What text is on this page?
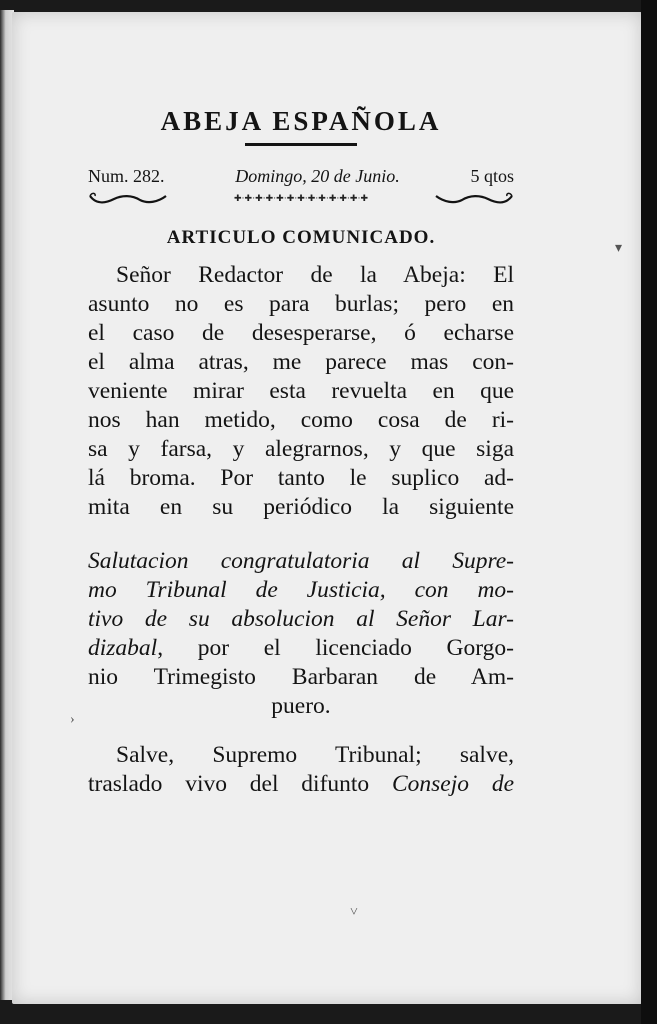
ABEJA ESPAÑOLA
Num. 282.	Domingo, 20 de Junio.	5 qtos
✚·✚·✚·✚·✚·✚·✚·✚·✚·✚·✚·✚·✚
ARTICULO COMUNICADO.
Señor Redactor de la Abeja: El
asunto no es para burlas; pero en
el caso de desesperarse, ó echarse
el alma atras, me parece mas con-
veniente mirar esta revuelta en que
nos han metido, como cosa de ri-
sa y farsa, y alegrarnos, y que siga
lá broma. Por tanto le suplico ad-
mita en su periódico la siguiente
Salutacion congratulatoria al Supre-
mo Tribunal de Justicia, con mo-
tivo de su absolucion al Señor Lar-
dizabal, por el licenciado Gorgo-
nio Trimegisto Barbaran de Am-
puero.
Salve, Supremo Tribunal; salve,
traslado vivo del difunto Consejo de
›
▾
˅
